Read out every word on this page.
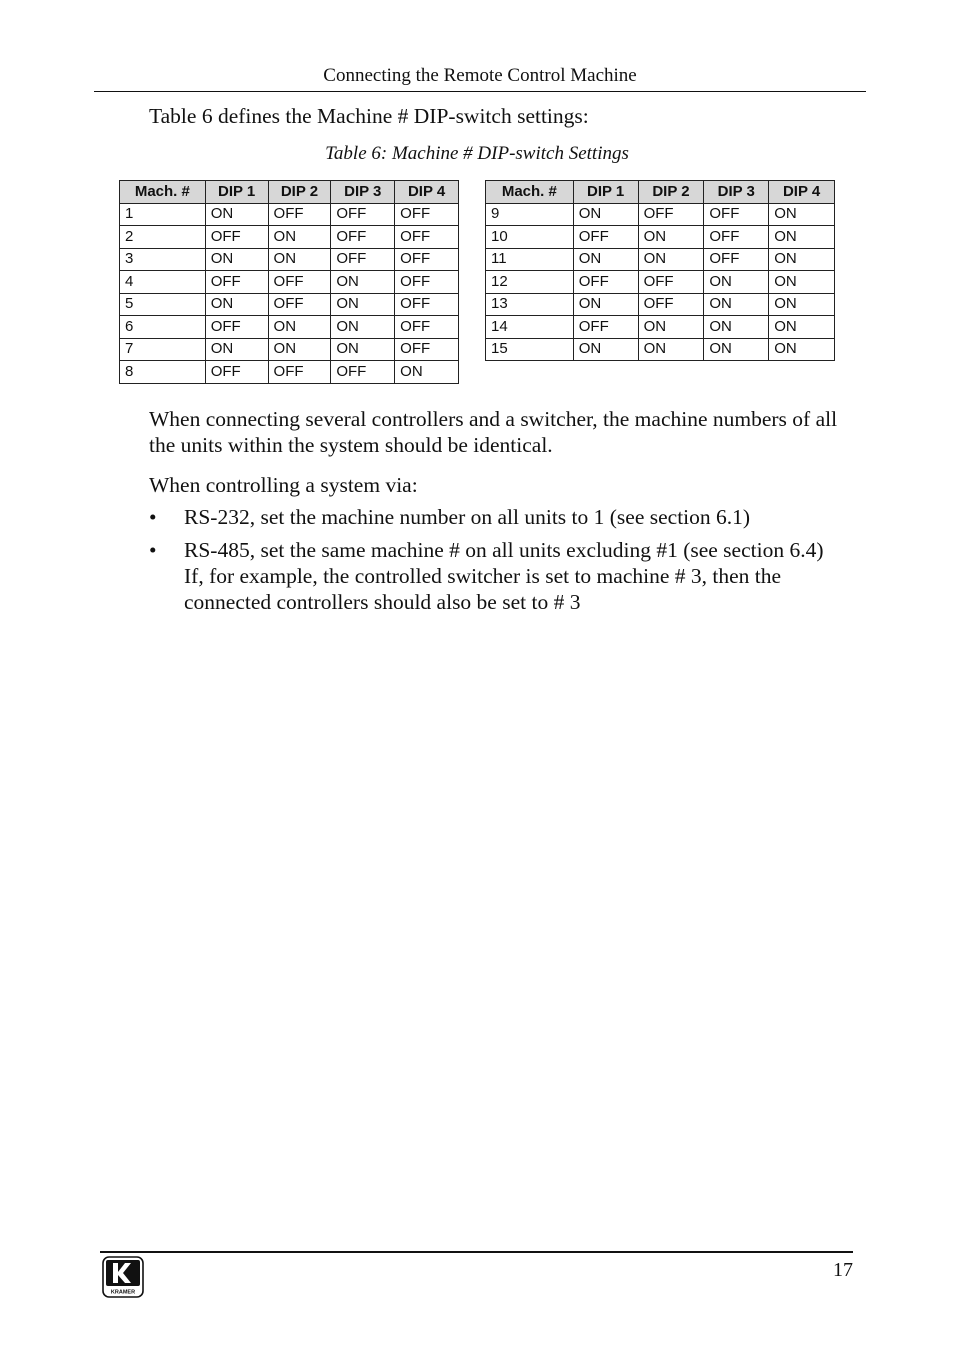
Connecting the Remote Control Machine
Table 6 defines the Machine # DIP-switch settings:
Table 6: Machine # DIP-switch Settings
Mach. #	DIP 1	DIP 2	DIP 3	DIP 4
1	ON	OFF	OFF	OFF
2	OFF	ON	OFF	OFF
3	ON	ON	OFF	OFF
4	OFF	OFF	ON	OFF
5	ON	OFF	ON	OFF
6	OFF	ON	ON	OFF
7	ON	ON	ON	OFF
8	OFF	OFF	OFF	ON
Mach. #	DIP 1	DIP 2	DIP 3	DIP 4
9	ON	OFF	OFF	ON
10	OFF	ON	OFF	ON
11	ON	ON	OFF	ON
12	OFF	OFF	ON	ON
13	ON	OFF	ON	ON
14	OFF	ON	ON	ON
15	ON	ON	ON	ON
When connecting several controllers and a switcher, the machine numbers of all the units within the system should be identical.
When controlling a system via:
•	RS-232, set the machine number on all units to 1 (see section 6.1)
•	RS-485, set the same machine # on all units excluding #1 (see section 6.4)
If, for example, the controlled switcher is set to machine # 3, then the connected controllers should also be set to # 3
KRAMER
17
